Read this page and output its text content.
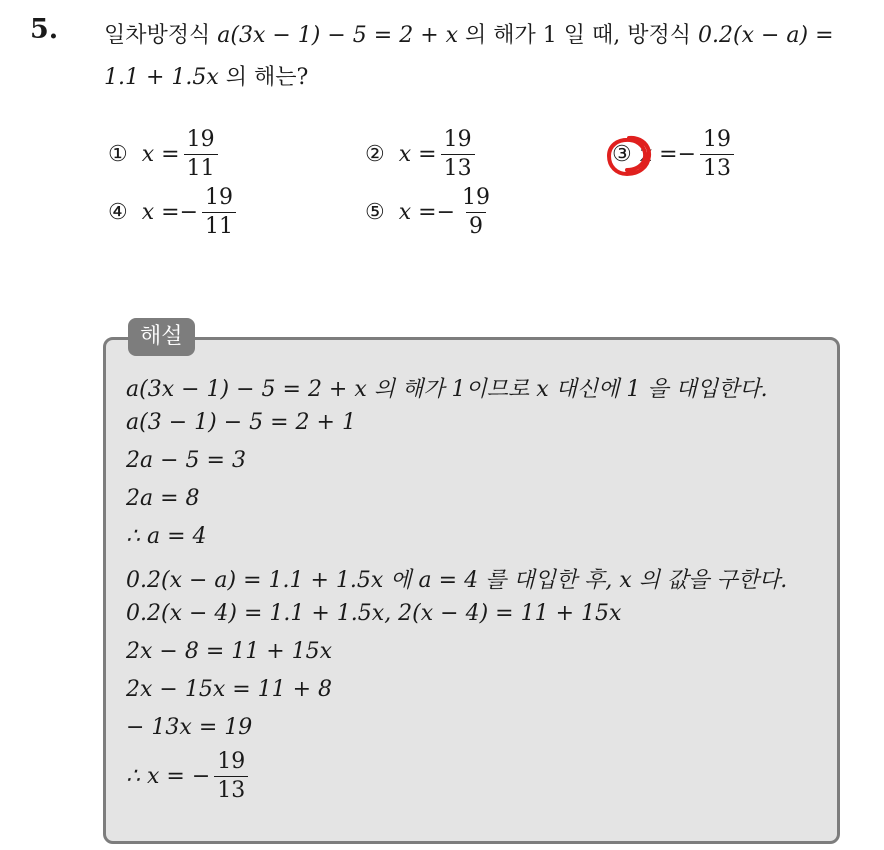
5. 일차방정식 a(3x − 1) − 5 = 2 + x 의 해가 1 일 때, 방정식 0.2(x − a) =
1.1 + 1.5x 의 해는?
① $x = \frac{19}{11}$	② $x = \frac{19}{13}$	③ x = − $\frac{19}{13}$
④ x = − $\frac{19}{11}$	⑤ x = − $\frac{19}{9}$
해설
a(3x − 1) − 5 = 2 + x 의 해가 1이므로 x 대신에 1 을 대입한다.
a(3 − 1) − 5 = 2 + 1
2a − 5 = 3
2a = 8
∴ a = 4
0.2(x − a) = 1.1 + 1.5x 에 a = 4 를 대입한 후, x 의 값을 구한다.
0.2(x − 4) = 1.1 + 1.5x, 2(x − 4) = 11 + 15x
2x − 8 = 11 + 15x
2x − 15x = 11 + 8
− 13x = 19
∴ x = − $\frac{19}{13}$
